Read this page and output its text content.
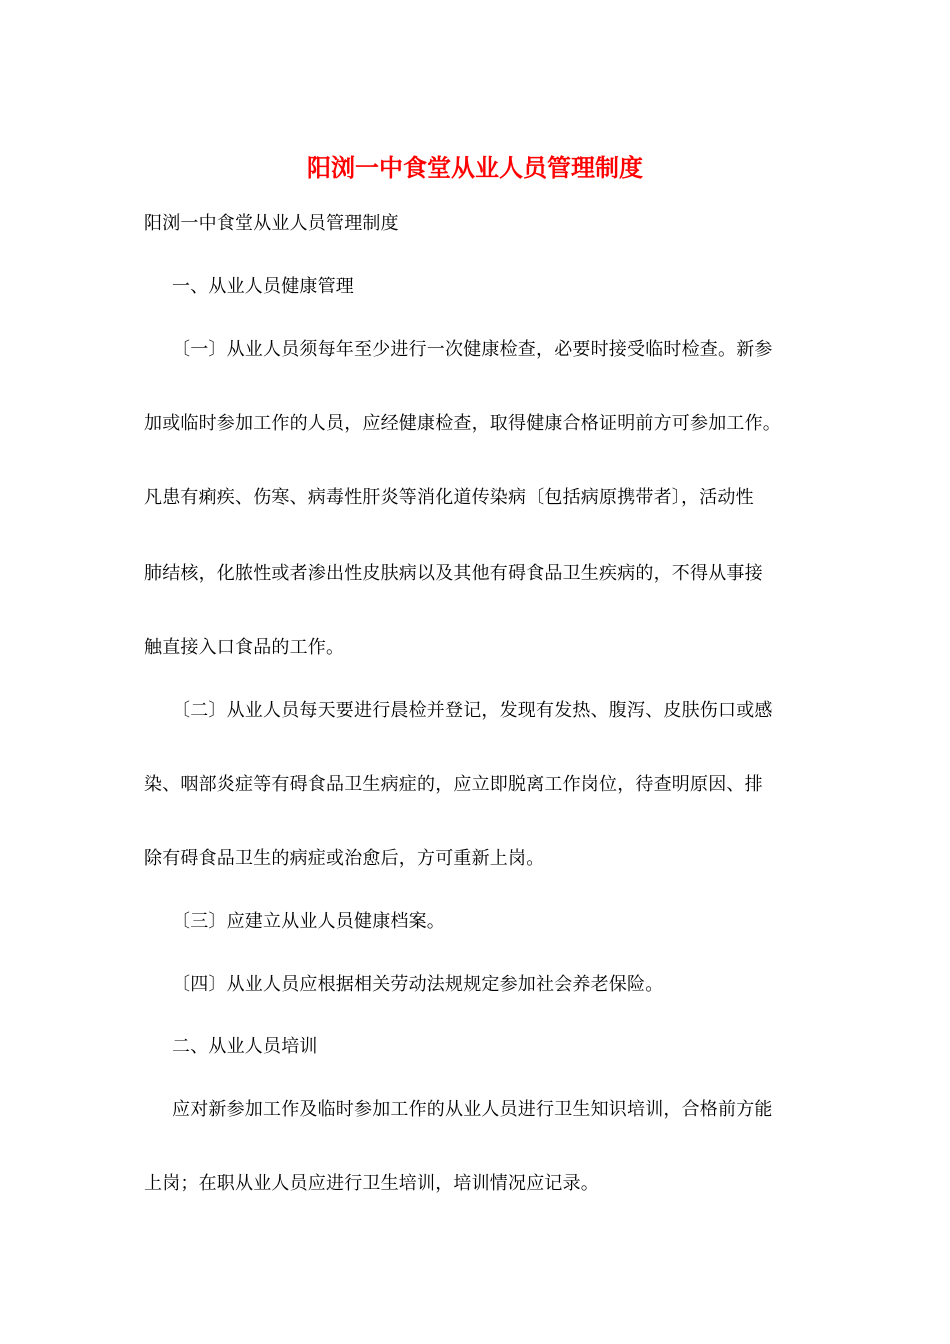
阳浏一中食堂从业人员管理制度
阳浏一中食堂从业人员管理制度
一、从业人员健康管理
〔一〕从业人员须每年至少进行一次健康检查，必要时接受临时检查。新参
加或临时参加工作的人员，应经健康检查，取得健康合格证明前方可参加工作。
凡患有痢疾、伤寒、病毒性肝炎等消化道传染病〔包括病原携带者〕，活动性
肺结核，化脓性或者渗出性皮肤病以及其他有碍食品卫生疾病的，不得从事接
触直接入口食品的工作。
〔二〕从业人员每天要进行晨检并登记，发现有发热、腹泻、皮肤伤口或感
染、咽部炎症等有碍食品卫生病症的，应立即脱离工作岗位，待查明原因、排
除有碍食品卫生的病症或治愈后，方可重新上岗。
〔三〕应建立从业人员健康档案。
〔四〕从业人员应根据相关劳动法规规定参加社会养老保险。
二、从业人员培训
应对新参加工作及临时参加工作的从业人员进行卫生知识培训，合格前方能
上岗；在职从业人员应进行卫生培训，培训情况应记录。
